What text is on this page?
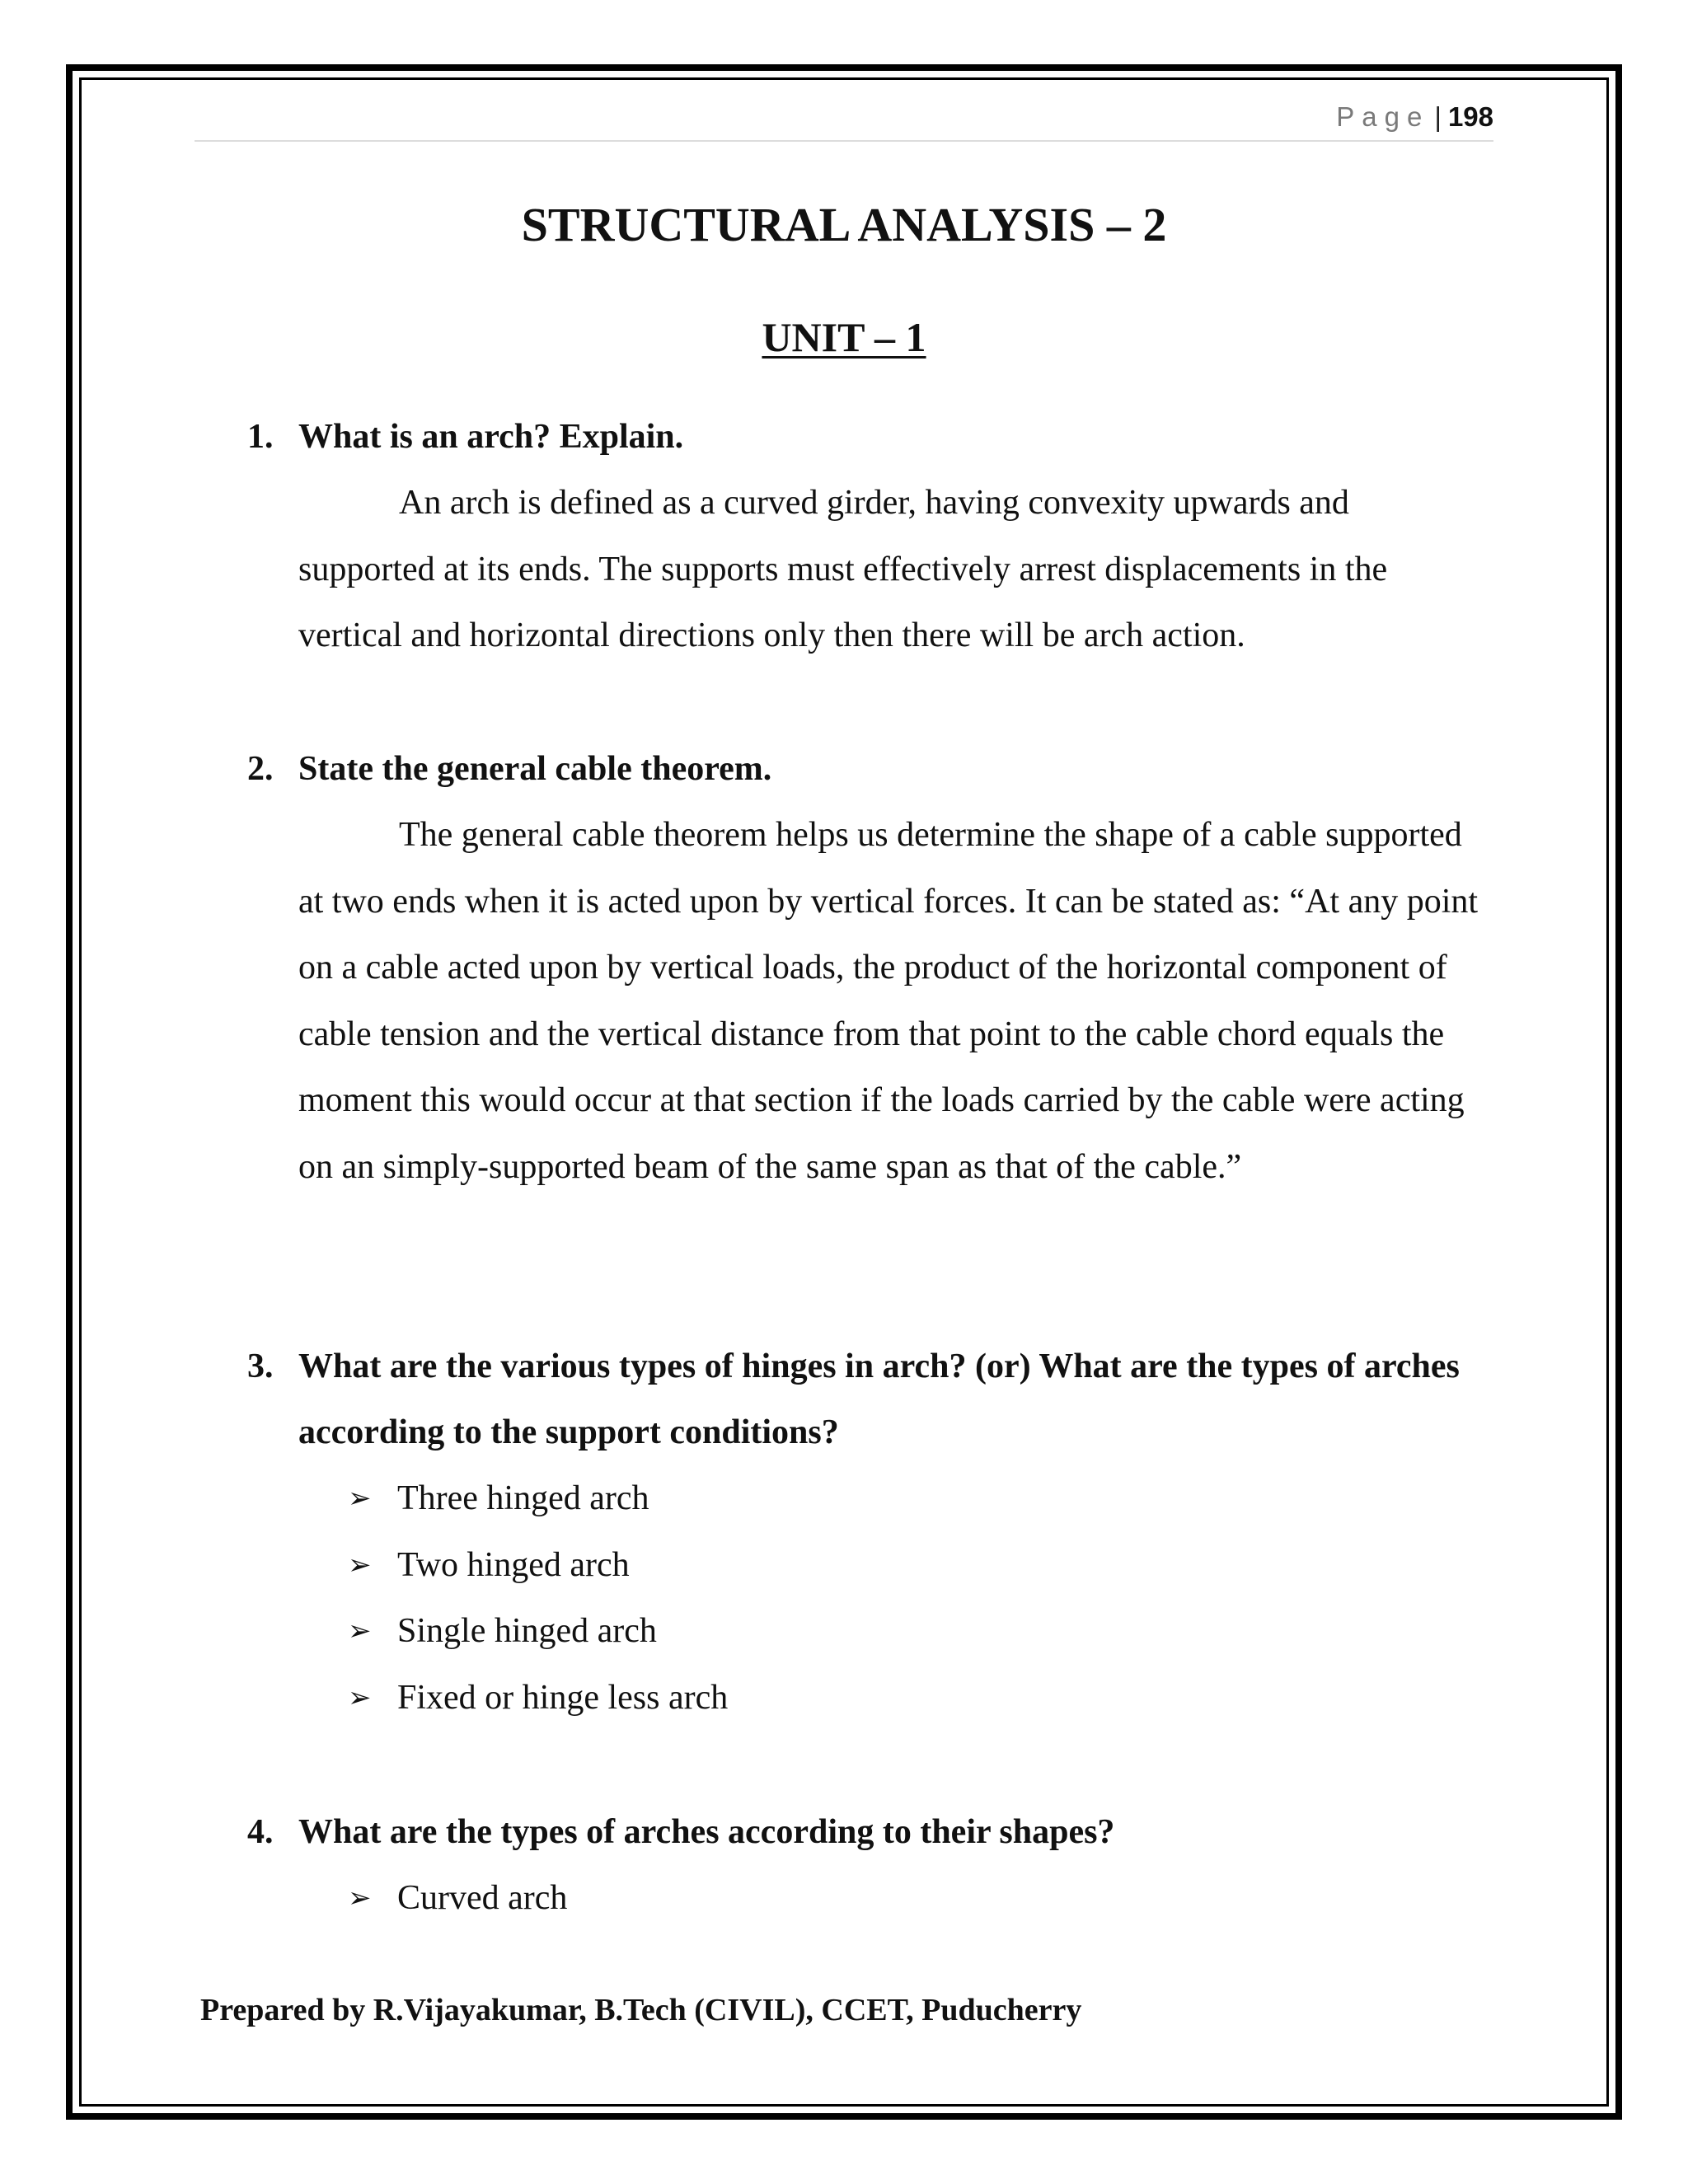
Page | 198
STRUCTURAL ANALYSIS – 2
UNIT – 1
1. What is an arch? Explain.
An arch is defined as a curved girder, having convexity upwards and supported at its ends. The supports must effectively arrest displacements in the vertical and horizontal directions only then there will be arch action.
2. State the general cable theorem.
The general cable theorem helps us determine the shape of a cable supported at two ends when it is acted upon by vertical forces. It can be stated as: “At any point on a cable acted upon by vertical loads, the product of the horizontal component of cable tension and the vertical distance from that point to the cable chord equals the moment this would occur at that section if the loads carried by the cable were acting on an simply-supported beam of the same span as that of the cable.”
3. What are the various types of hinges in arch? (or) What are the types of arches according to the support conditions?
➢ Three hinged arch
➢ Two hinged arch
➢ Single hinged arch
➢ Fixed or hinge less arch
4. What are the types of arches according to their shapes?
➢ Curved arch
Prepared by R.Vijayakumar, B.Tech (CIVIL), CCET, Puducherry
